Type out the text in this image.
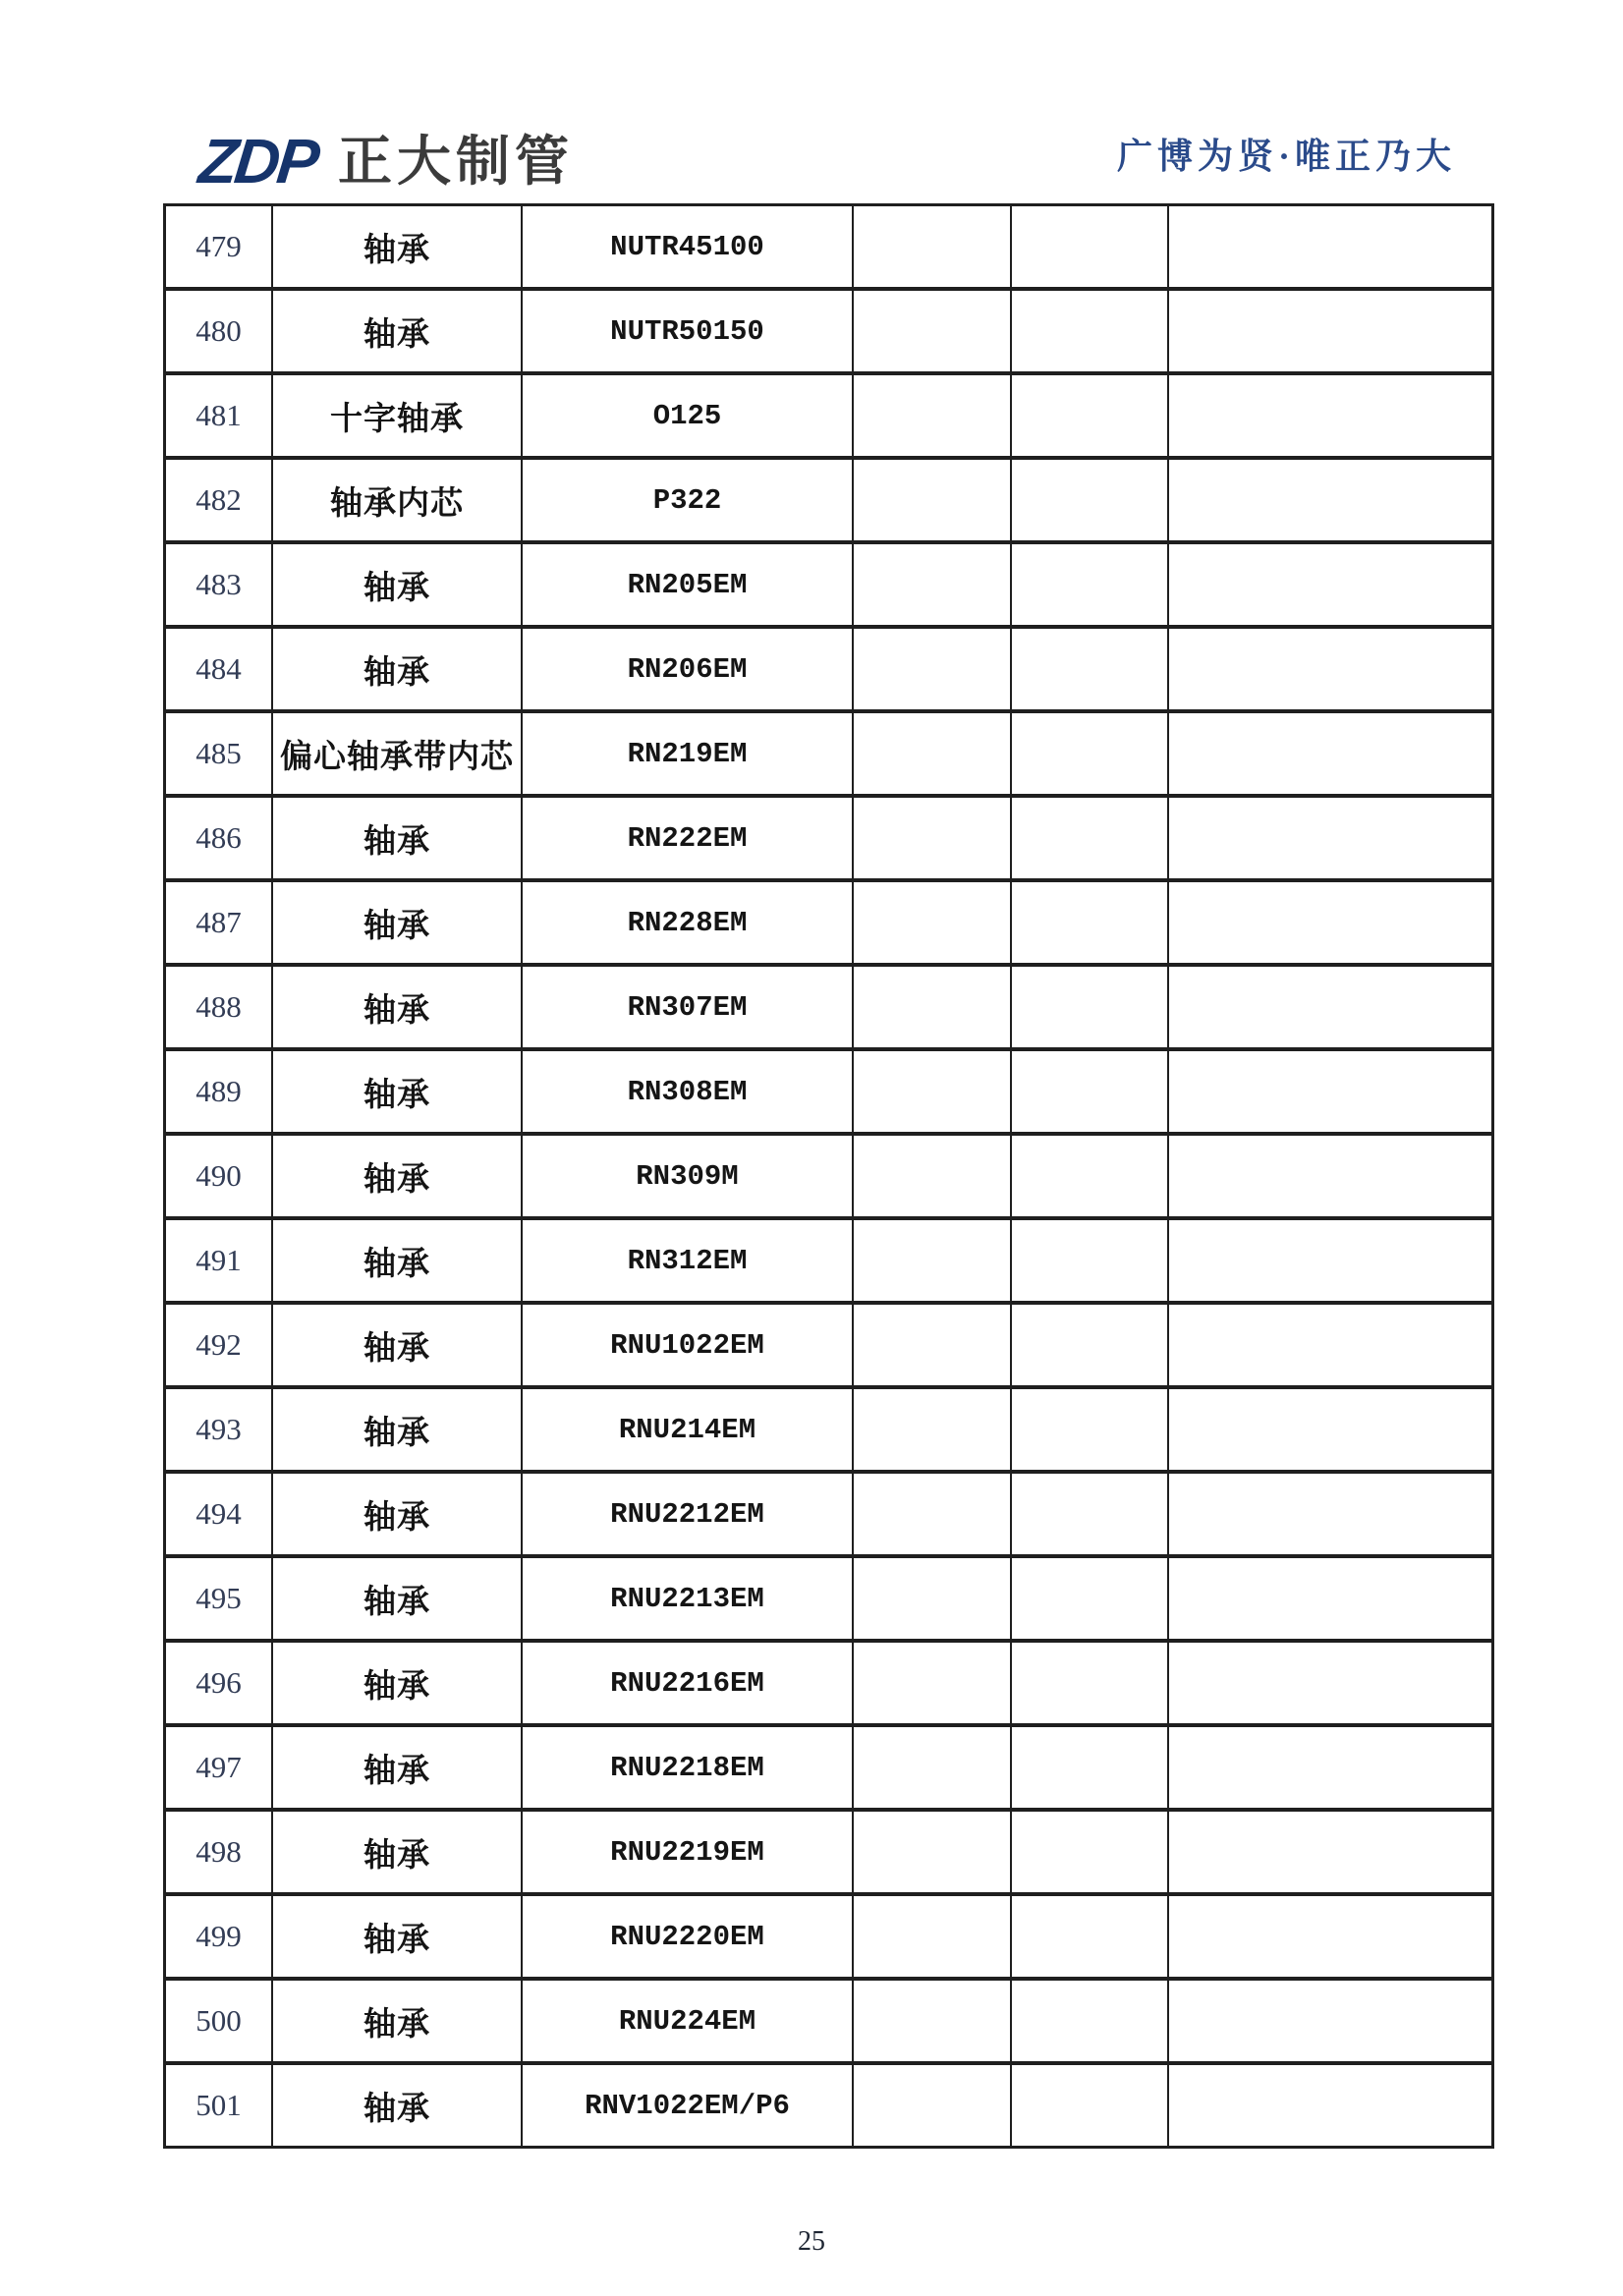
ZDP 正大制管	广博为贤·唯正乃大
479	轴承	NUTR45100
480	轴承	NUTR50150
481	十字轴承	O125
482	轴承内芯	P322
483	轴承	RN205EM
484	轴承	RN206EM
485	偏心轴承带内芯	RN219EM
486	轴承	RN222EM
487	轴承	RN228EM
488	轴承	RN307EM
489	轴承	RN308EM
490	轴承	RN309M
491	轴承	RN312EM
492	轴承	RNU1022EM
493	轴承	RNU214EM
494	轴承	RNU2212EM
495	轴承	RNU2213EM
496	轴承	RNU2216EM
497	轴承	RNU2218EM
498	轴承	RNU2219EM
499	轴承	RNU2220EM
500	轴承	RNU224EM
501	轴承	RNV1022EM/P6
25
